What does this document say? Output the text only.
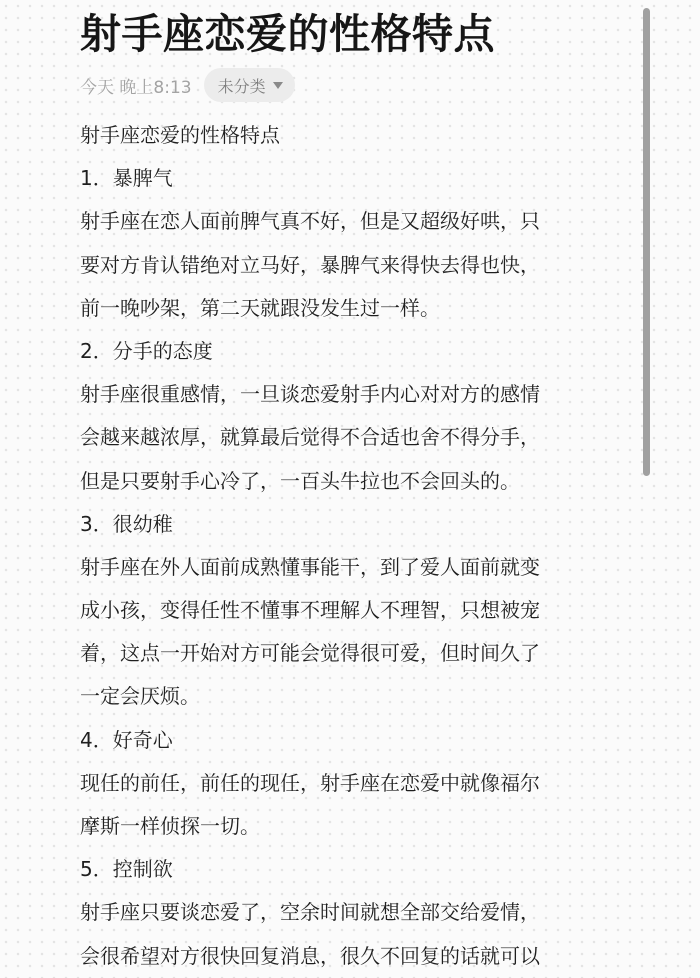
射手座恋爱的性格特点
今天 晚上8:13 未分类
射手座恋爱的性格特点
1．暴脾气
射手座在恋人面前脾气真不好，但是又超级好哄，只
要对方肯认错绝对立马好，暴脾气来得快去得也快，
前一晚吵架，第二天就跟没发生过一样。
2．分手的态度
射手座很重感情，一旦谈恋爱射手内心对对方的感情
会越来越浓厚，就算最后觉得不合适也舍不得分手，
但是只要射手心冷了，一百头牛拉也不会回头的。
3．很幼稚
射手座在外人面前成熟懂事能干，到了爱人面前就变
成小孩，变得任性不懂事不理解人不理智，只想被宠
着，这点一开始对方可能会觉得很可爱，但时间久了
一定会厌烦。
4．好奇心
现任的前任，前任的现任，射手座在恋爱中就像福尔
摩斯一样侦探一切。
5．控制欲
射手座只要谈恋爱了，空余时间就想全部交给爱情，
会很希望对方很快回复消息，很久不回复的话就可以
